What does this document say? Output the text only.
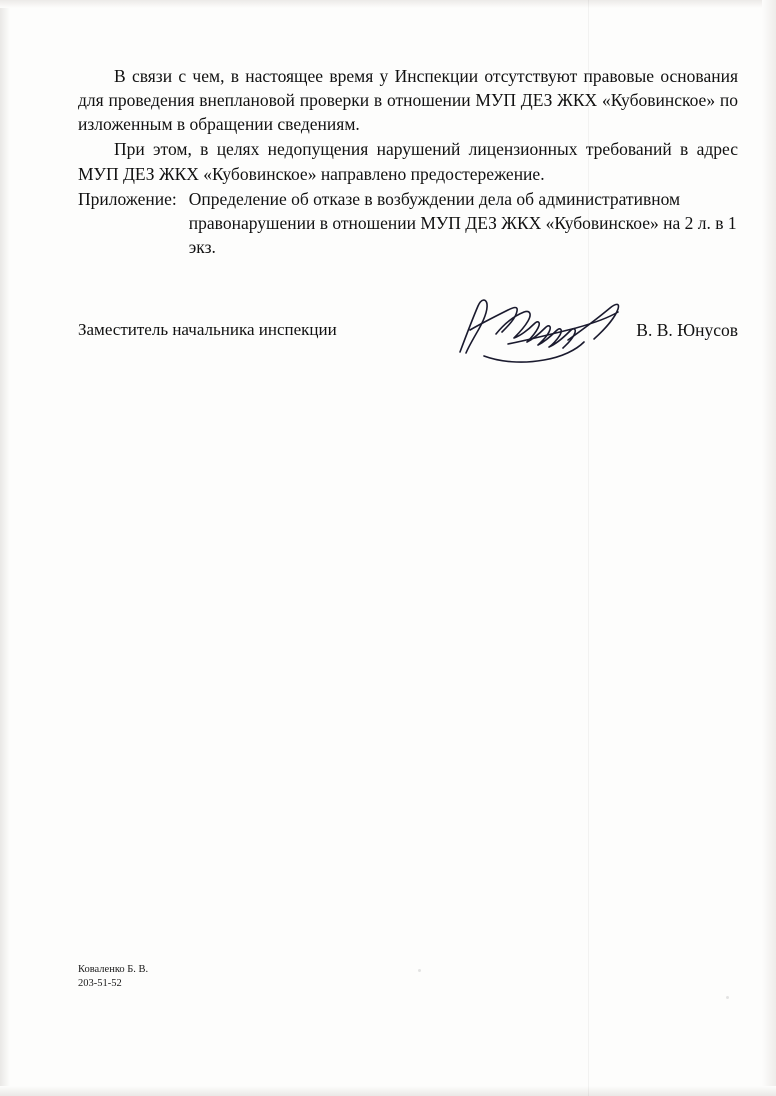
В связи с чем, в настоящее время у Инспекции отсутствуют правовые основания для проведения внеплановой проверки в отношении МУП ДЕЗ ЖКХ «Кубовинское» по изложенным в обращении сведениям.

При этом, в целях недопущения нарушений лицензионных требований в адрес МУП ДЕЗ ЖКХ «Кубовинское» направлено предостережение.

Приложение: Определение об отказе в возбуждении дела об административном правонарушении в отношении МУП ДЕЗ ЖКХ «Кубовинское» на 2 л. в 1 экз.
Заместитель начальника инспекции	В. В. Юнусов
Коваленко Б. В.
203-51-52
